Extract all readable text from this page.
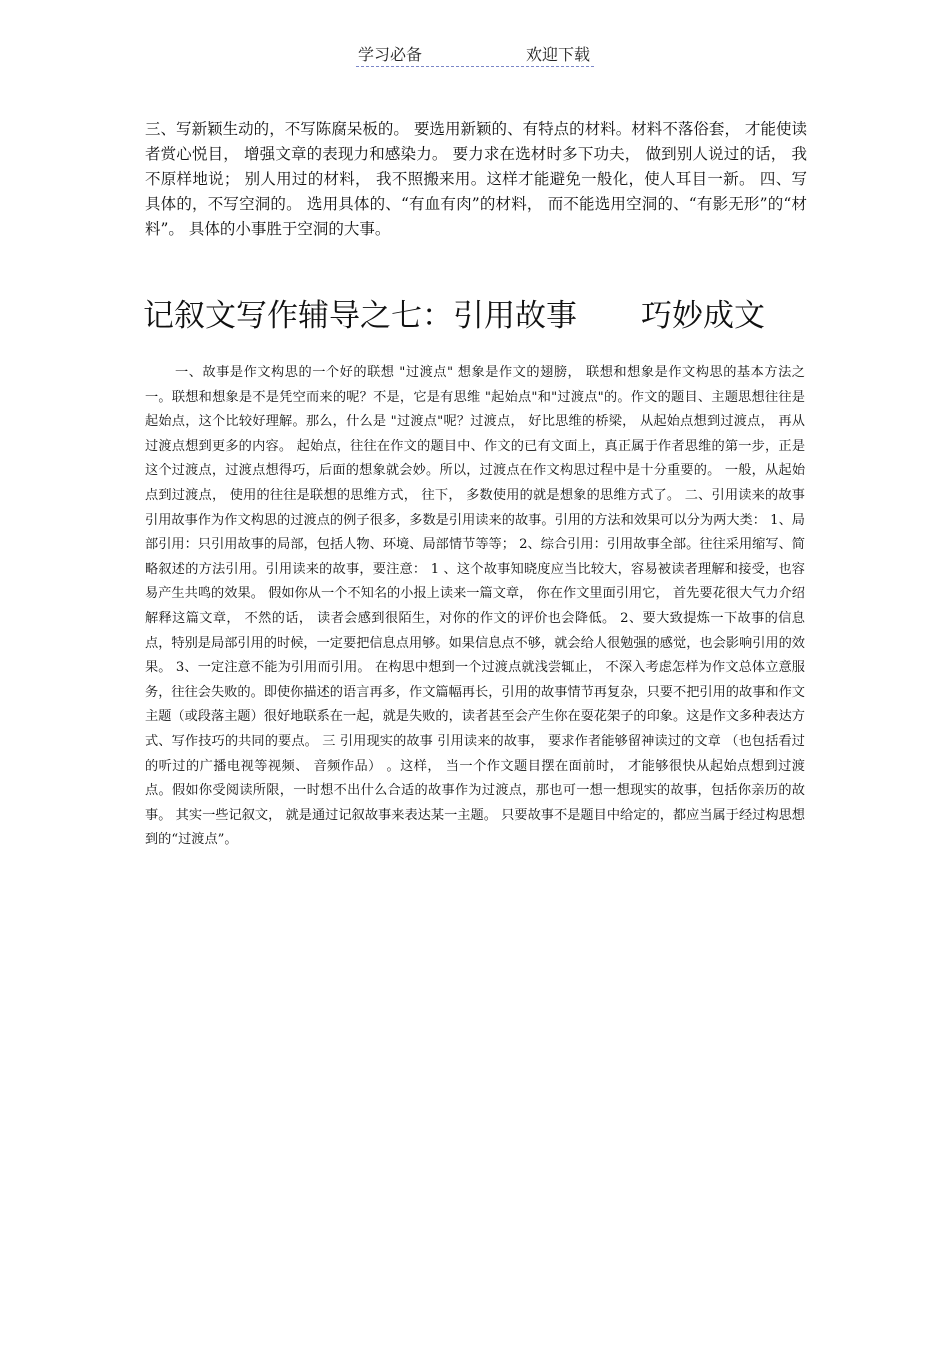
学习必备	欢迎下载

三、写新颖生动的，不写陈腐呆板的。 要选用新颖的、有特点的材料。材料不落俗套， 才能使读者赏心悦目， 增强文章的表现力和感染力。 要力求在选材时多下功夫， 做到别人说过的话， 我不原样地说； 别人用过的材料， 我不照搬来用。这样才能避免一般化，使人耳目一新。 四、写具体的，不写空洞的。 选用具体的、“有血有肉”的材料， 而不能选用空洞的、“有影无形”的“材料”。 具体的小事胜于空洞的大事。

记叙文写作辅导之七：引用故事 巧妙成文

一、故事是作文构思的一个好的联想 "过渡点" 想象是作文的翅膀， 联想和想象是作文构思的基本方法之一。联想和想象是不是凭空而来的呢？不是，它是有思维 "起始点"和"过渡点"的。作文的题目、主题思想往往是起始点，这个比较好理解。那么，什么是 "过渡点"呢？过渡点， 好比思维的桥梁， 从起始点想到过渡点， 再从过渡点想到更多的内容。 起始点，往往在作文的题目中、作文的已有文面上，真正属于作者思维的第一步，正是这个过渡点，过渡点想得巧，后面的想象就会妙。所以，过渡点在作文构思过程中是十分重要的。 一般，从起始点到过渡点， 使用的往往是联想的思维方式， 往下， 多数使用的就是想象的思维方式了。 二、引用读来的故事 引用故事作为作文构思的过渡点的例子很多，多数是引用读来的故事。引用的方法和效果可以分为两大类： 1、局部引用：只引用故事的局部，包括人物、环境、局部情节等等； 2、综合引用：引用故事全部。往往采用缩写、简略叙述的方法引用。引用读来的故事，要注意： 1 、这个故事知晓度应当比较大，容易被读者理解和接受，也容易产生共鸣的效果。 假如你从一个不知名的小报上读来一篇文章， 你在作文里面引用它， 首先要花很大气力介绍解释这篇文章， 不然的话， 读者会感到很陌生，对你的作文的评价也会降低。 2、要大致提炼一下故事的信息点，特别是局部引用的时候，一定要把信息点用够。如果信息点不够，就会给人很勉强的感觉，也会影响引用的效果。 3、一定注意不能为引用而引用。 在构思中想到一个过渡点就浅尝辄止， 不深入考虑怎样为作文总体立意服务，往往会失败的。即使你描述的语言再多，作文篇幅再长，引用的故事情节再复杂，只要不把引用的故事和作文主题（或段落主题）很好地联系在一起，就是失败的，读者甚至会产生你在耍花架子的印象。这是作文多种表达方式、写作技巧的共同的要点。 三 引用现实的故事 引用读来的故事， 要求作者能够留神读过的文章 （也包括看过的听过的广播电视等视频、 音频作品） 。这样， 当一个作文题目摆在面前时， 才能够很快从起始点想到过渡点。假如你受阅读所限，一时想不出什么合适的故事作为过渡点，那也可一想一想现实的故事，包括你亲历的故事。 其实一些记叙文， 就是通过记叙故事来表达某一主题。 只要故事不是题目中给定的，都应当属于经过构思想到的“过渡点”。
